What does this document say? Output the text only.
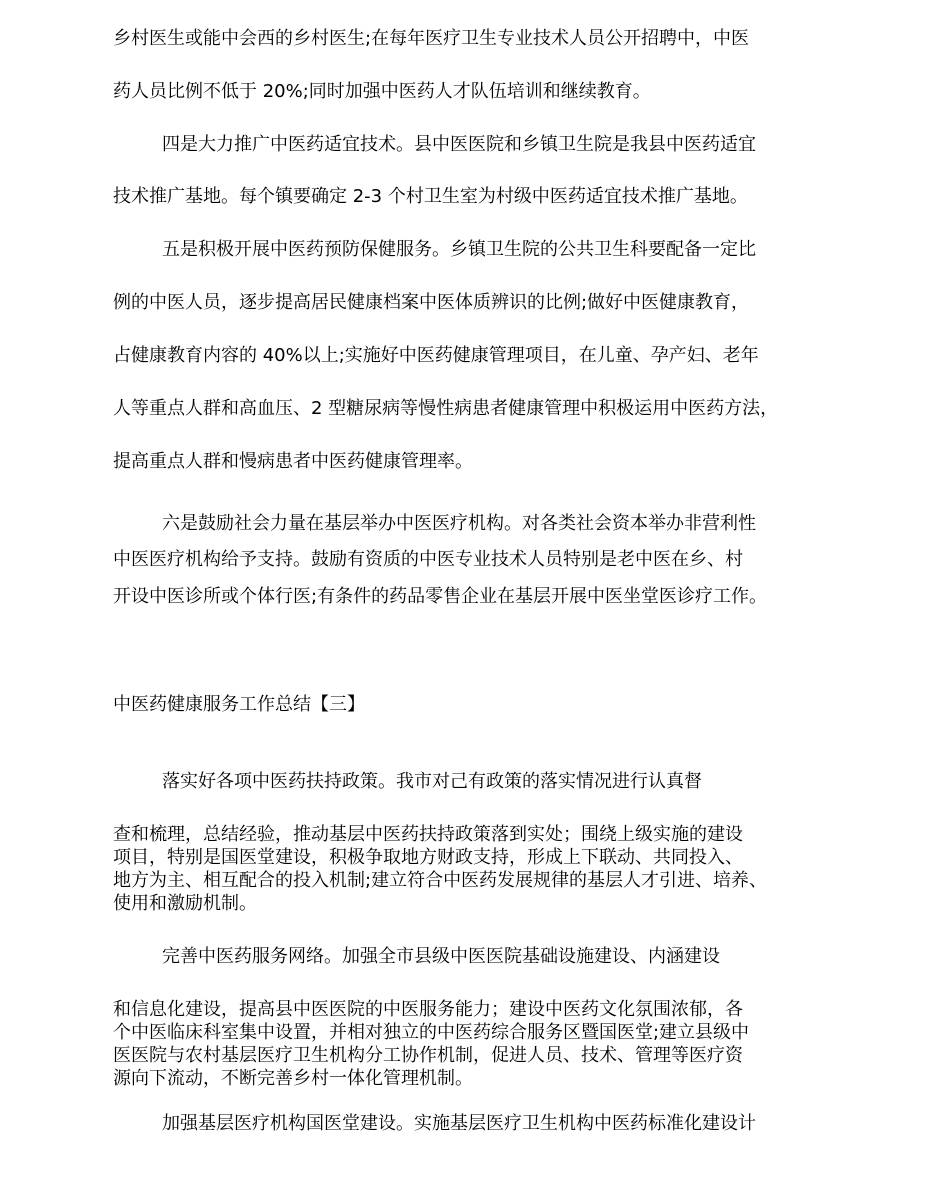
乡村医生或能中会西的乡村医生;在每年医疗卫生专业技术人员公开招聘中，中医
药人员比例不低于 20%;同时加强中医药人才队伍培训和继续教育。
四是大力推广中医药适宜技术。县中医医院和乡镇卫生院是我县中医药适宜
技术推广基地。每个镇要确定 2-3 个村卫生室为村级中医药适宜技术推广基地。
五是积极开展中医药预防保健服务。乡镇卫生院的公共卫生科要配备一定比
例的中医人员，逐步提高居民健康档案中医体质辨识的比例;做好中医健康教育，
占健康教育内容的 40%以上;实施好中医药健康管理项目，在儿童、孕产妇、老年
人等重点人群和高血压、2 型糖尿病等慢性病患者健康管理中积极运用中医药方法，
提高重点人群和慢病患者中医药健康管理率。
六是鼓励社会力量在基层举办中医医疗机构。对各类社会资本举办非营利性
中医医疗机构给予支持。鼓励有资质的中医专业技术人员特别是老中医在乡、村
开设中医诊所或个体行医;有条件的药品零售企业在基层开展中医坐堂医诊疗工作。
中医药健康服务工作总结【三】
落实好各项中医药扶持政策。我市对己有政策的落实情况进行认真督
查和梳理，总结经验，推动基层中医药扶持政策落到实处；围绕上级实施的建设
项目，特别是国医堂建设，积极争取地方财政支持，形成上下联动、共同投入、
地方为主、相互配合的投入机制;建立符合中医药发展规律的基层人才引进、培养、
使用和激励机制。
完善中医药服务网络。加强全市县级中医医院基础设施建设、内涵建设
和信息化建设，提高县中医医院的中医服务能力；建设中医药文化氛围浓郁，各
个中医临床科室集中设置，并相对独立的中医药综合服务区暨国医堂;建立县级中
医医院与农村基层医疗卫生机构分工协作机制，促进人员、技术、管理等医疗资
源向下流动，不断完善乡村一体化管理机制。
加强基层医疗机构国医堂建设。实施基层医疗卫生机构中医药标准化建设计
